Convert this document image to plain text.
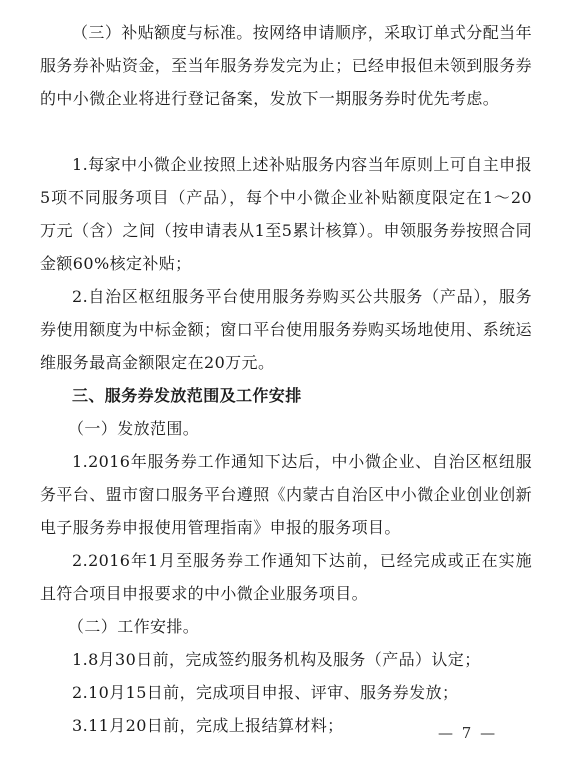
（三）补贴额度与标准。按网络申请顺序，采取订单式分配当年服务券补贴资金，至当年服务券发完为止；已经申报但未领到服务券的中小微企业将进行登记备案，发放下一期服务券时优先考虑。
1.每家中小微企业按照上述补贴服务内容当年原则上可自主申报5项不同服务项目（产品），每个中小微企业补贴额度限定在1～20万元（含）之间（按申请表从1至5累计核算）。申领服务券按照合同金额60%核定补贴；
2.自治区枢纽服务平台使用服务券购买公共服务（产品），服务券使用额度为中标金额；窗口平台使用服务券购买场地使用、系统运维服务最高金额限定在20万元。
三、服务券发放范围及工作安排
（一）发放范围。
1.2016年服务券工作通知下达后，中小微企业、自治区枢纽服务平台、盟市窗口服务平台遵照《内蒙古自治区中小微企业创业创新电子服务券申报使用管理指南》申报的服务项目。
2.2016年1月至服务券工作通知下达前，已经完成或正在实施且符合项目申报要求的中小微企业服务项目。
（二）工作安排。
1.8月30日前，完成签约服务机构及服务（产品）认定；
2.10月15日前，完成项目申报、评审、服务券发放；
3.11月20日前，完成上报结算材料；	— 7 —
